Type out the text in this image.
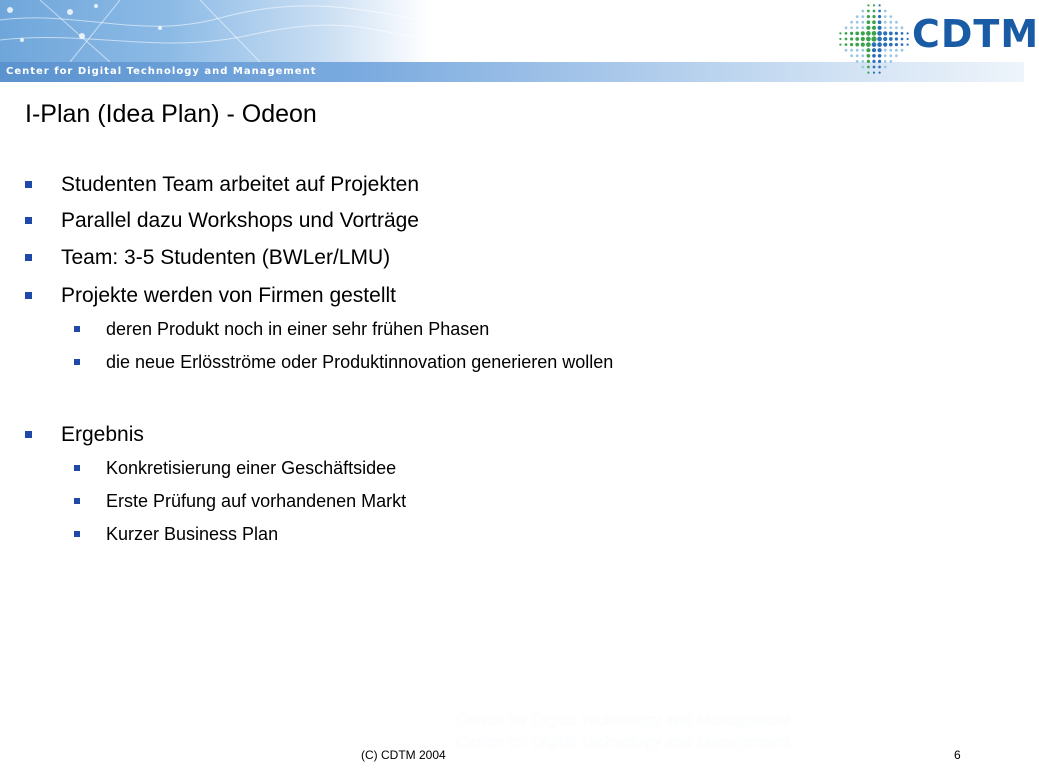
Center for Digital Technology and Management
CDTM
I-Plan (Idea Plan) - Odeon
Studenten Team arbeitet auf Projekten
Parallel dazu Workshops und Vorträge
Team: 3-5 Studenten (BWLer/LMU)
Projekte werden von Firmen gestellt
deren Produkt noch in einer sehr frühen Phasen
die neue Erlösströme oder Produktinnovation generieren wollen
Ergebnis
Konkretisierung einer Geschäftsidee
Erste Prüfung auf vorhandenen Markt
Kurzer Business Plan
Center for Digital Technology and Management
Center for Digital Technology and Management
(C) CDTM 2004	6
